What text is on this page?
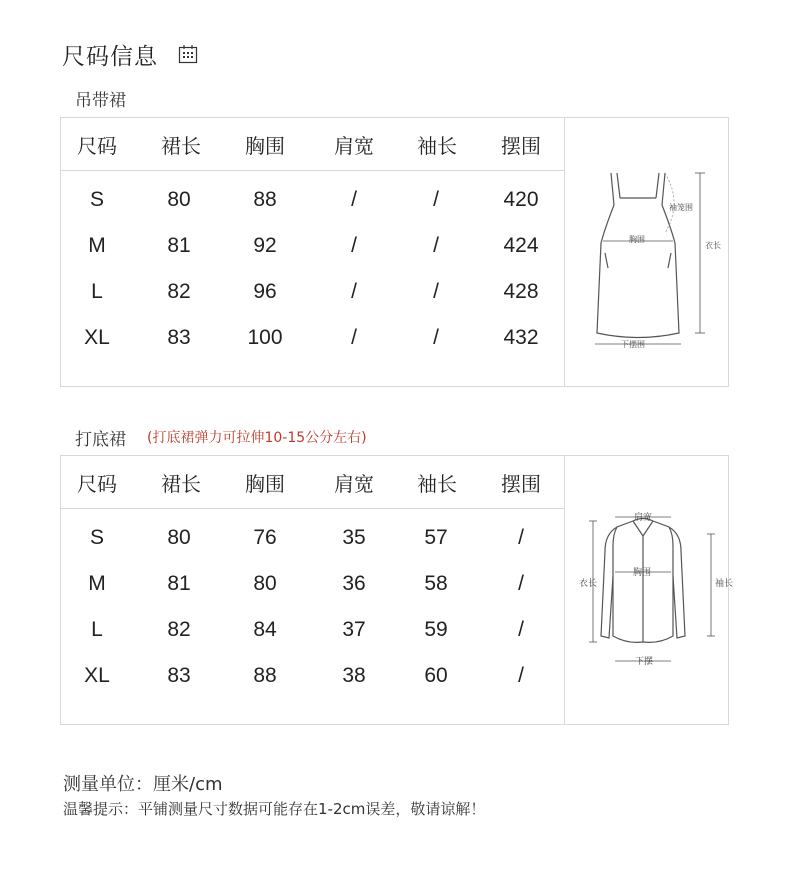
尺码信息
吊带裙
尺码	裙长	胸围	肩宽	袖长	摆围
S	80	88	/	/	420
M	81	92	/	/	424
L	82	96	/	/	428
XL	83	100	/	/	432
袖笼围
胸围
衣长
下摆围
打底裙 (打底裙弹力可拉伸10-15公分左右)
尺码	裙长	胸围	肩宽	袖长	摆围
S	80	76	35	57	/
M	81	80	36	58	/
L	82	84	37	59	/
XL	83	88	38	60	/
肩宽
胸围
衣长	袖长
下摆
测量单位：厘米/cm
温馨提示：平铺测量尺寸数据可能存在1-2cm误差，敬请谅解！
